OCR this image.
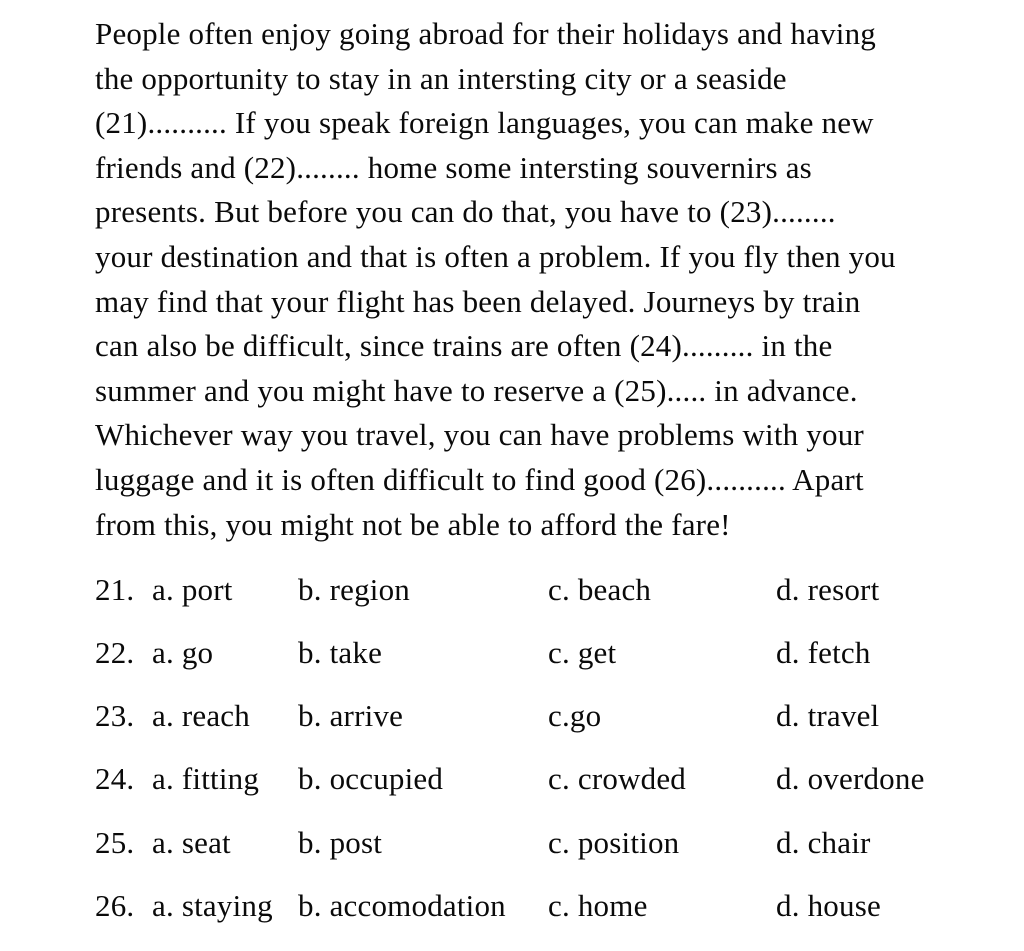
People often enjoy going abroad for their holidays and having
the opportunity to stay in an intersting city or a seaside
(21).......... If you speak foreign languages, you can make new
friends and (22)........ home some intersting souvernirs as
presents. But before you can do that, you have to (23)........
your destination and that is often a problem. If you fly then you
may find that your flight has been delayed. Journeys by train
can also be difficult, since trains are often (24)......... in the
summer and you might have to reserve a (25)..... in advance.
Whichever way you travel, you can have problems with your
luggage and it is often difficult to find good (26).......... Apart
from this, you might not be able to afford the fare!
21. a. port	b. region	c. beach	d. resort
22. a. go	b. take	c. get	d. fetch
23. a. reach	b. arrive	c.go	d. travel
24. a. fitting	b. occupied	c. crowded	d. overdone
25. a. seat	b. post	c. position	d. chair
26. a. staying b. accomodation	c. home	d. house
